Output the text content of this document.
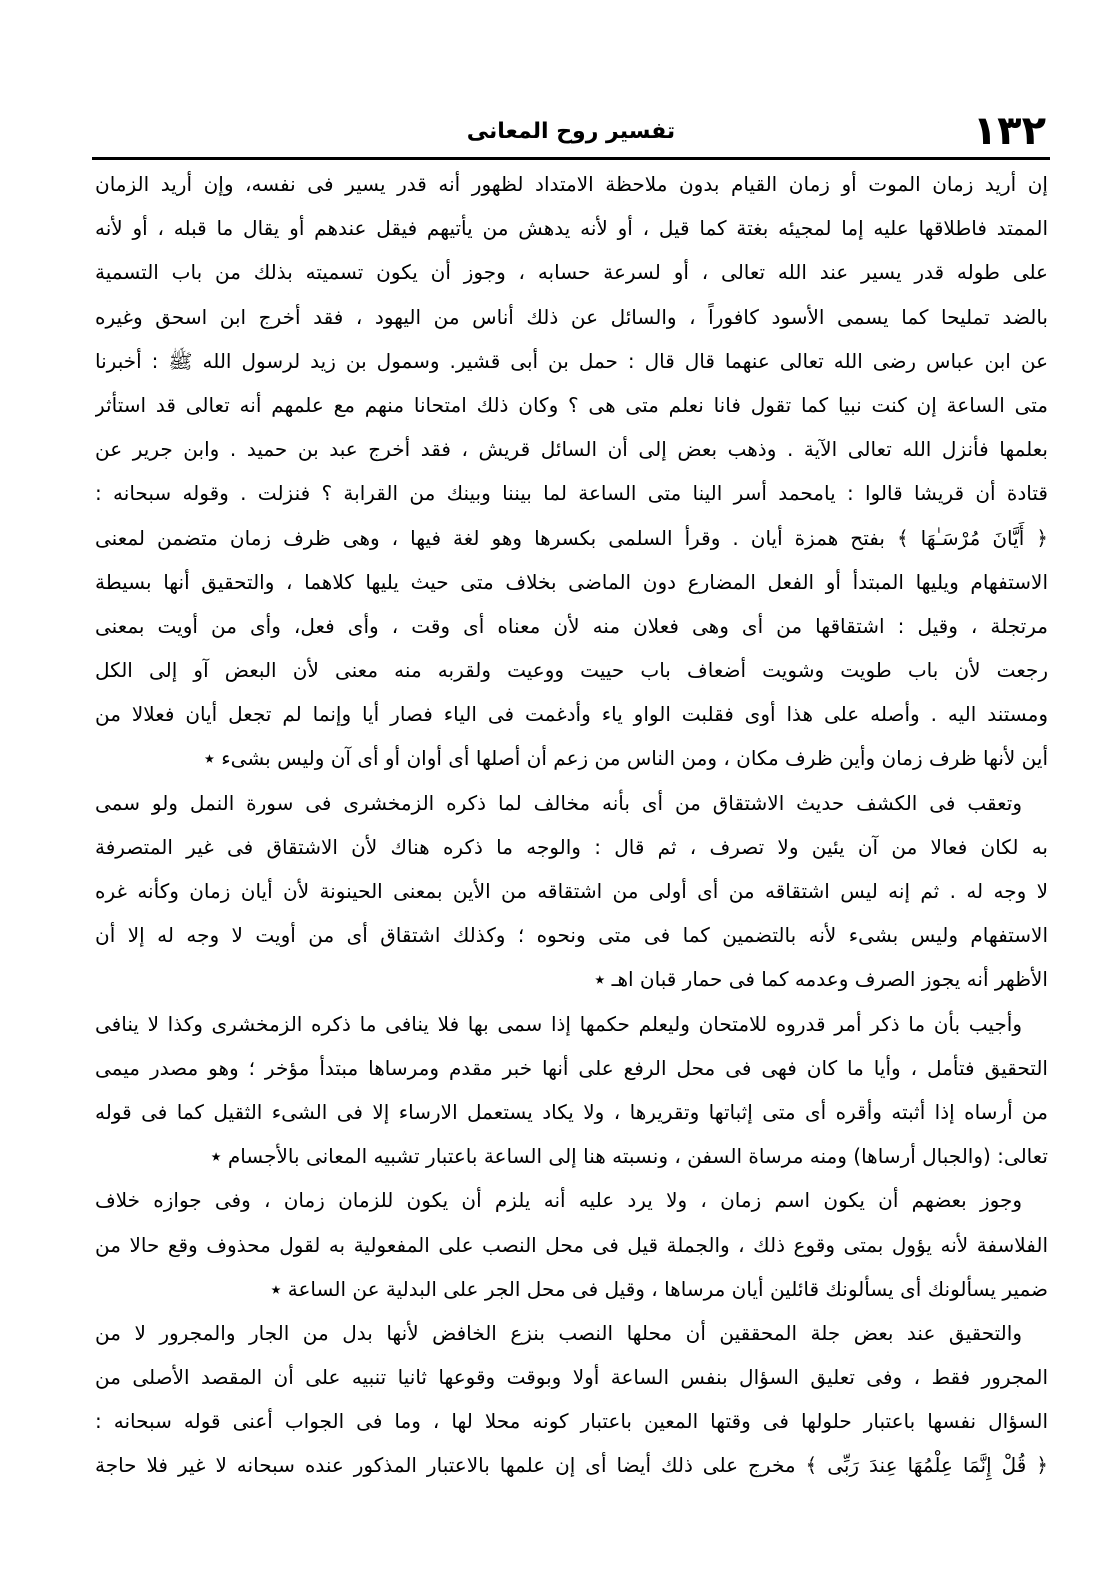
١٣٢
تفسير روح المعانى
إن أريد زمان الموت أو زمان القيام بدون ملاحظة الامتداد لظهور أنه قدر يسير فى نفسه، وإن أريد الزمان
الممتد فاطلاقها عليه إما لمجيئه بغتة كما قيل ، أو لأنه يدهش من يأتيهم فيقل عندهم أو يقال ما قبله ، أو لأنه
على طوله قدر يسير عند الله تعالى ، أو لسرعة حسابه ، وجوز أن يكون تسميته بذلك من باب التسمية
بالضد تمليحا كما يسمى الأسود كافوراً ، والسائل عن ذلك أناس من اليهود ، فقد أخرج ابن اسحق وغيره
عن ابن عباس رضى الله تعالى عنهما قال قال : حمل بن أبى قشير. وسمول بن زيد لرسول الله ﷺ : أخبرنا
متى الساعة إن كنت نبيا كما تقول فانا نعلم متى هى ؟ وكان ذلك امتحانا منهم مع علمهم أنه تعالى قد استأثر
بعلمها فأنزل الله تعالى الآية . وذهب بعض إلى أن السائل قريش ، فقد أخرج عبد بن حميد . وابن جرير عن
قتادة أن قريشا قالوا : يامحمد أسر الينا متى الساعة لما بيننا وبينك من القرابة ؟ فنزلت . وقوله سبحانه :
﴿ أَيَّانَ مُرْسَـٰهَا ﴾ بفتح همزة أيان . وقرأ السلمى بكسرها وهو لغة فيها ، وهى ظرف زمان متضمن لمعنى
الاستفهام ويليها المبتدأ أو الفعل المضارع دون الماضى بخلاف متى حيث يليها كلاهما ، والتحقيق أنها بسيطة
مرتجلة ، وقيل : اشتقاقها من أى وهى فعلان منه لأن معناه أى وقت ، وأى فعل، وأى من أويت بمعنى
رجعت لأن باب طويت وشويت أضعاف باب حييت ووعيت ولقربه منه معنى لأن البعض آو إلى الكل
ومستند اليه . وأصله على هذا أوى فقلبت الواو ياء وأدغمت فى الياء فصار أيا وإنما لم تجعل أيان فعلالا من
أين لأنها ظرف زمان وأين ظرف مكان ، ومن الناس من زعم أن أصلها أى أوان أو أى آن وليس بشىء ٭
وتعقب فى الكشف حديث الاشتقاق من أى بأنه مخالف لما ذكره الزمخشرى فى سورة النمل ولو سمى
به لكان فعالا من آن يئين ولا تصرف ، ثم قال : والوجه ما ذكره هناك لأن الاشتقاق فى غير المتصرفة
لا وجه له . ثم إنه ليس اشتقاقه من أى أولى من اشتقاقه من الأين بمعنى الحينونة لأن أيان زمان وكأنه غره
الاستفهام وليس بشىء لأنه بالتضمين كما فى متى ونحوه ؛ وكذلك اشتقاق أى من أويت لا وجه له إلا أن
الأظهر أنه يجوز الصرف وعدمه كما فى حمار قبان اهـ ٭
وأجيب بأن ما ذكر أمر قدروه للامتحان وليعلم حكمها إذا سمى بها فلا ينافى ما ذكره الزمخشرى وكذا لا ينافى
التحقيق فتأمل ، وأيا ما كان فهى فى محل الرفع على أنها خبر مقدم ومرساها مبتدأ مؤخر ؛ وهو مصدر ميمى
من أرساه إذا أثبته وأقره أى متى إثباتها وتقريرها ، ولا يكاد يستعمل الارساء إلا فى الشىء الثقيل كما فى قوله
تعالى: (والجبال أرساها) ومنه مرساة السفن ، ونسبته هنا إلى الساعة باعتبار تشبيه المعانى بالأجسام ٭
وجوز بعضهم أن يكون اسم زمان ، ولا يرد عليه أنه يلزم أن يكون للزمان زمان ، وفى جوازه خلاف
الفلاسفة لأنه يؤول بمتى وقوع ذلك ، والجملة قيل فى محل النصب على المفعولية به لقول محذوف وقع حالا من
ضمير يسألونك أى يسألونك قائلين أيان مرساها ، وقيل فى محل الجر على البدلية عن الساعة ٭
والتحقيق عند بعض جلة المحققين أن محلها النصب بنزع الخافض لأنها بدل من الجار والمجرور لا من
المجرور فقط ، وفى تعليق السؤال بنفس الساعة أولا وبوقت وقوعها ثانيا تنبيه على أن المقصد الأصلى من
السؤال نفسها باعتبار حلولها فى وقتها المعين باعتبار كونه محلا لها ، وما فى الجواب أعنى قوله سبحانه :
﴿ قُلْ إِنَّمَا عِلْمُهَا عِندَ رَبِّى ﴾ مخرج على ذلك أيضا أى إن علمها بالاعتبار المذكور عنده سبحانه لا غير فلا حاجة
